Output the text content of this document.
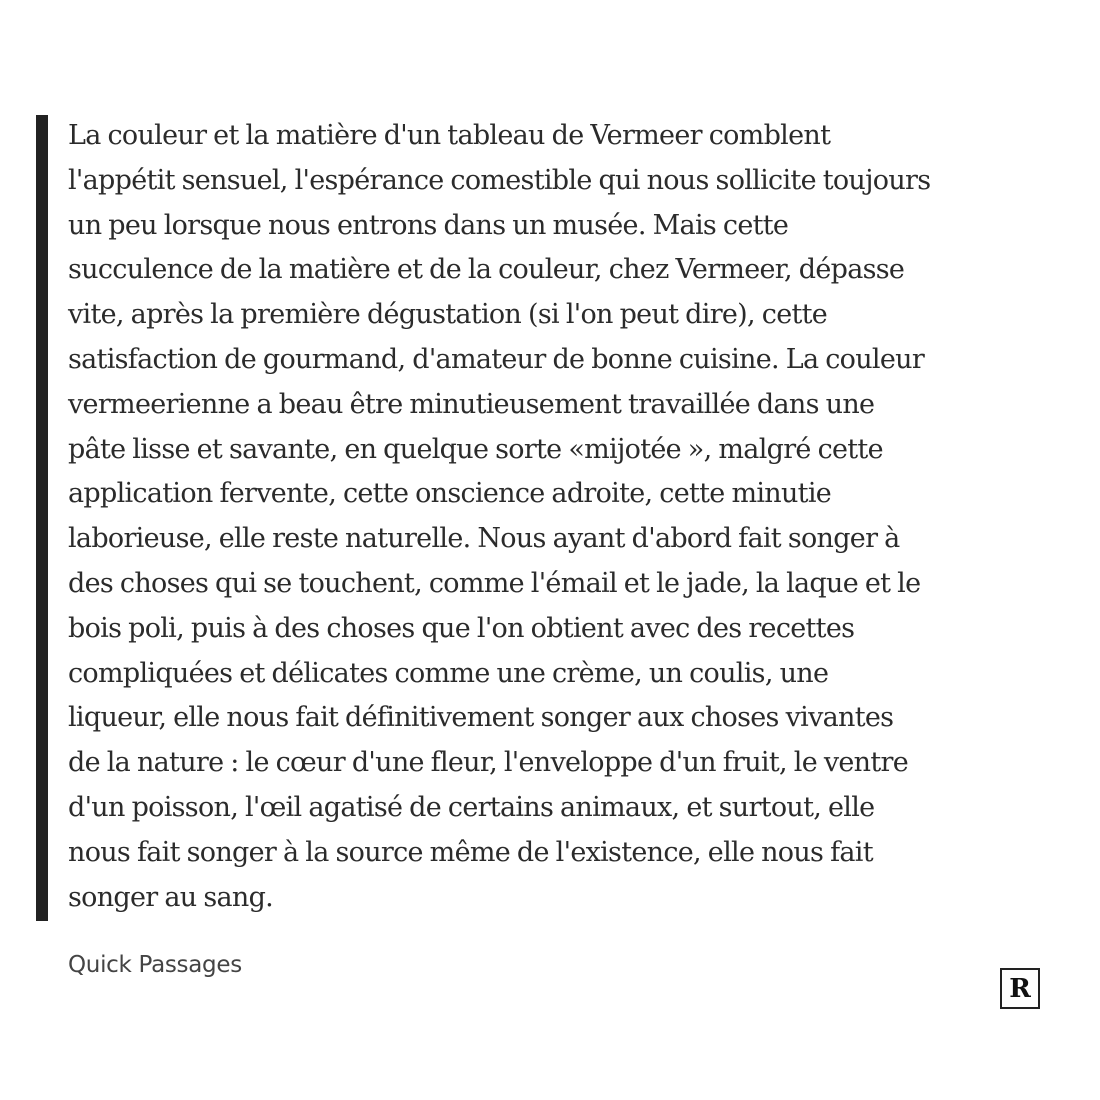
La couleur et la matière d'un tableau de Vermeer comblent
l'appétit sensuel, l'espérance comestible qui nous sollicite toujours
un peu lorsque nous entrons dans un musée. Mais cette
succulence de la matière et de la couleur, chez Vermeer, dépasse
vite, après la première dégustation (si l'on peut dire), cette
satisfaction de gourmand, d'amateur de bonne cuisine. La couleur
vermeerienne a beau être minutieusement travaillée dans une
pâte lisse et savante, en quelque sorte «mijotée », malgré cette
application fervente, cette onscience adroite, cette minutie
laborieuse, elle reste naturelle. Nous ayant d'abord fait songer à
des choses qui se touchent, comme l'émail et le jade, la laque et le
bois poli, puis à des choses que l'on obtient avec des recettes
compliquées et délicates comme une crème, un coulis, une
liqueur, elle nous fait définitivement songer aux choses vivantes
de la nature : le cœur d'une fleur, l'enveloppe d'un fruit, le ventre
d'un poisson, l'œil agatisé de certains animaux, et surtout, elle
nous fait songer à la source même de l'existence, elle nous fait
songer au sang.

Quick Passages
R
